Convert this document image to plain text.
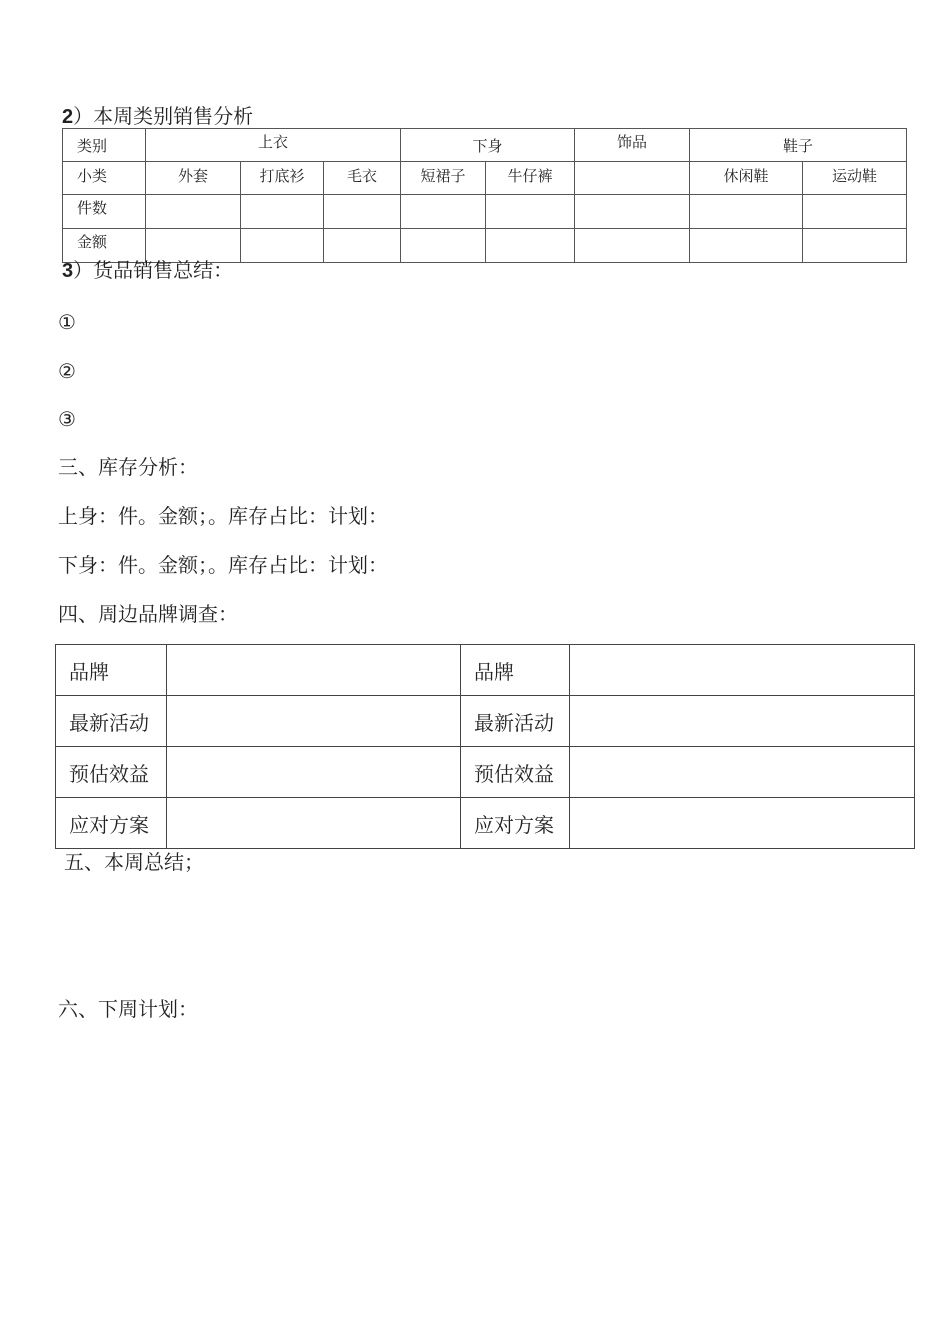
2）本周类别销售分析
类别	上衣			下身		饰品	鞋子	
小类	外套	打底衫	毛衣	短裙子	牛仔裤		休闲鞋	运动鞋
件数								
金额								
3）货品销售总结：
①
②
③
三、库存分析：
上身：件。金额；。库存占比：计划：
下身：件。金额；。库存占比：计划：
四、周边品牌调查：
品牌		品牌	
最新活动		最新活动	
预估效益		预估效益	
应对方案		应对方案	
五、本周总结；
六、下周计划：
